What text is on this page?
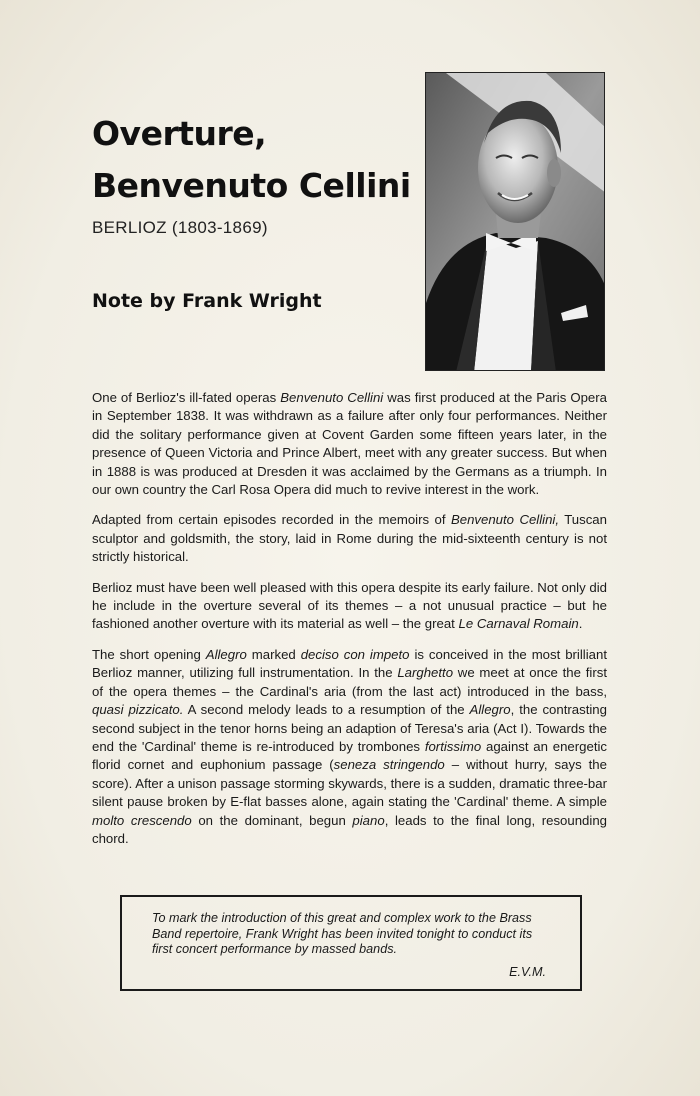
Overture,
Benvenuto Cellini
BERLIOZ (1803-1869)
Note by Frank Wright

One of Berlioz's ill-fated operas Benvenuto Cellini was first produced at the Paris Opera in September 1838. It was withdrawn as a failure after only four performances. Neither did the solitary performance given at Covent Garden some fifteen years later, in the presence of Queen Victoria and Prince Albert, meet with any greater success. But when in 1888 is was produced at Dresden it was acclaimed by the Germans as a triumph. In our own country the Carl Rosa Opera did much to revive interest in the work.

Adapted from certain episodes recorded in the memoirs of Benvenuto Cellini, Tuscan sculptor and goldsmith, the story, laid in Rome during the mid-sixteenth century is not strictly historical.

Berlioz must have been well pleased with this opera despite its early failure. Not only did he include in the overture several of its themes – a not unusual practice – but he fashioned another overture with its material as well – the great Le Carnaval Romain.

The short opening Allegro marked deciso con impeto is conceived in the most brilliant Berlioz manner, utilizing full instrumentation. In the Larghetto we meet at once the first of the opera themes – the Cardinal's aria (from the last act) introduced in the bass, quasi pizzicato. A second melody leads to a resumption of the Allegro, the contrasting second subject in the tenor horns being an adaption of Teresa's aria (Act I). Towards the end the 'Cardinal' theme is re-introduced by trombones fortissimo against an energetic florid cornet and euphonium passage (seneza stringendo – without hurry, says the score). After a unison passage storming skywards, there is a sudden, dramatic three-bar silent pause broken by E-flat basses alone, again stating the 'Cardinal' theme. A simple molto crescendo on the dominant, begun piano, leads to the final long, resounding chord.

To mark the introduction of this great and complex work to the Brass Band repertoire, Frank Wright has been invited tonight to conduct its first concert performance by massed bands.
E.V.M.
